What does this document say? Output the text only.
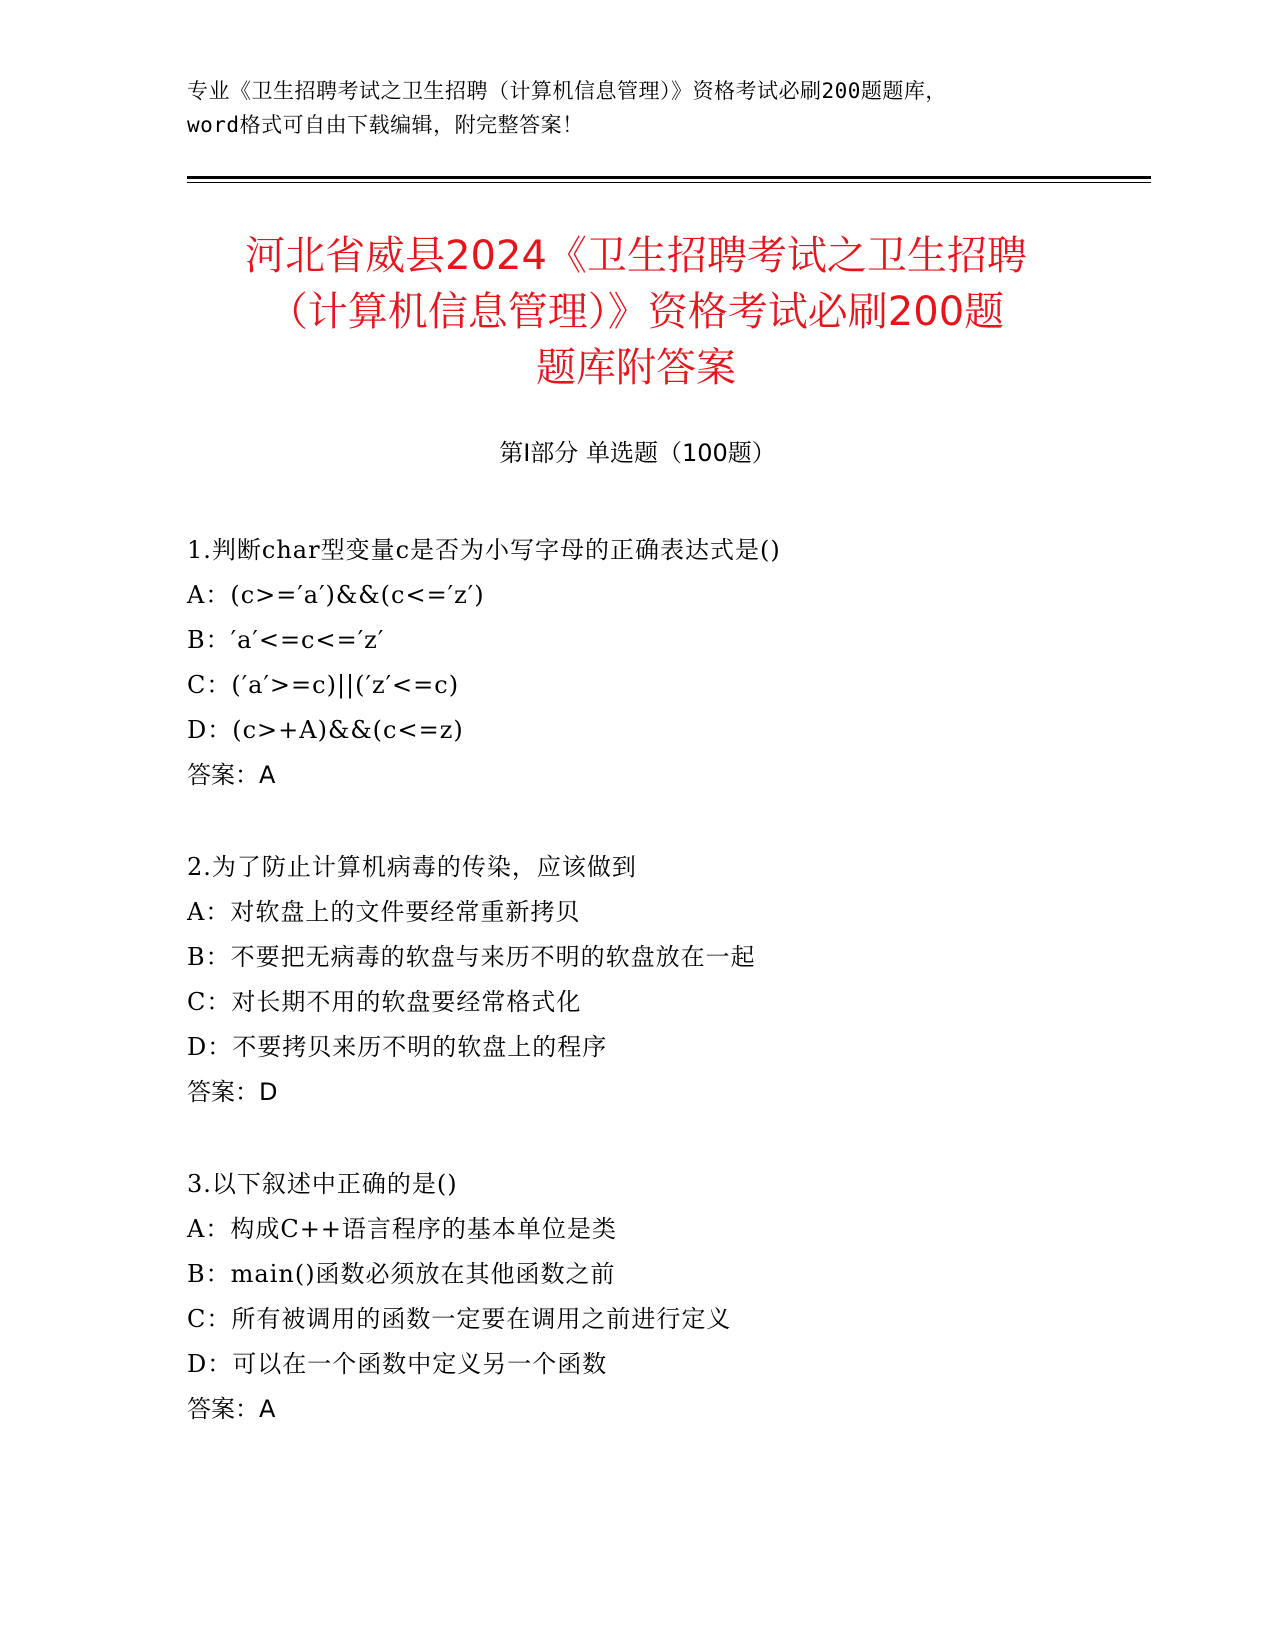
专业《卫生招聘考试之卫生招聘（计算机信息管理）》资格考试必刷200题题库，
word格式可自由下载编辑，附完整答案！
河北省威县2024《卫生招聘考试之卫生招聘
（计算机信息管理）》资格考试必刷200题
题库附答案
第Ⅰ部分 单选题（100题）
1.判断char型变量c是否为小写字母的正确表达式是()
A：(c>=′a′)&&(c<=′z′)
B：′a′<=c<=′z′
C：(′a′>=c)||(′z′<=c)
D：(c>+A)&&(c<=z)
答案：A
2.为了防止计算机病毒的传染，应该做到
A：对软盘上的文件要经常重新拷贝
B：不要把无病毒的软盘与来历不明的软盘放在一起
C：对长期不用的软盘要经常格式化
D：不要拷贝来历不明的软盘上的程序
答案：D
3.以下叙述中正确的是()
A：构成C++语言程序的基本单位是类
B：main()函数必须放在其他函数之前
C：所有被调用的函数一定要在调用之前进行定义
D：可以在一个函数中定义另一个函数
答案：A
